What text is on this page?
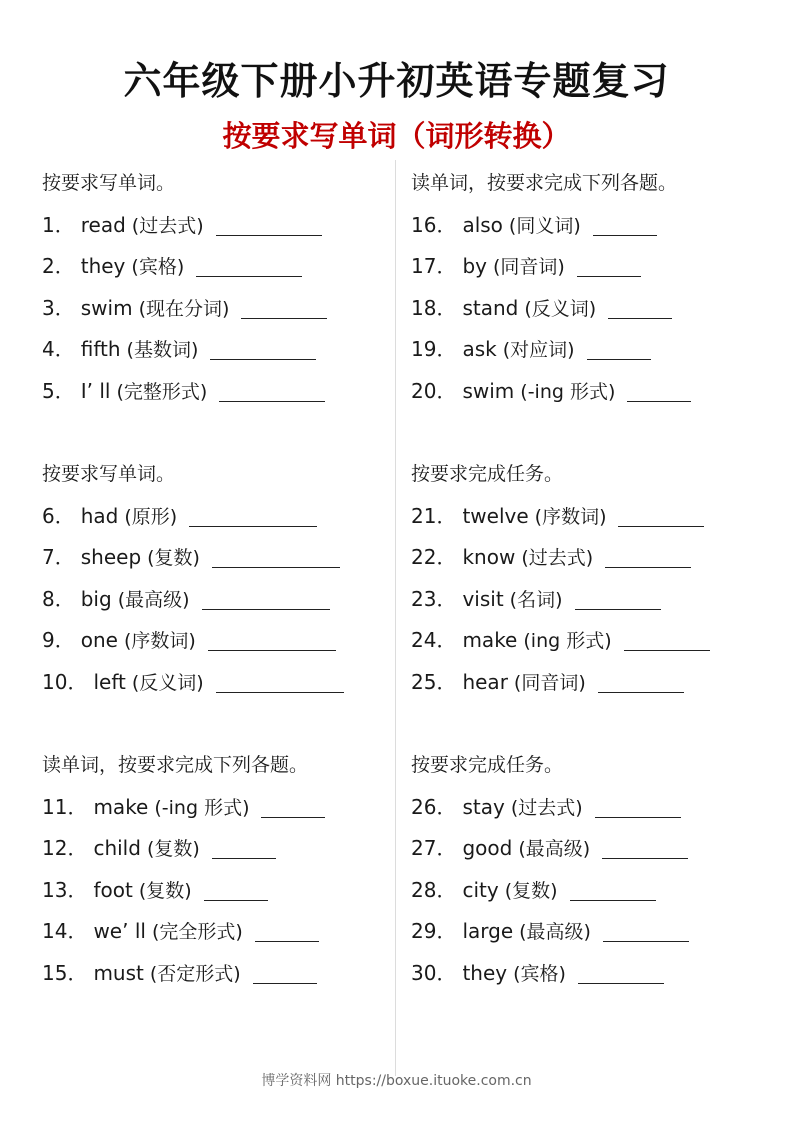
六年级下册小升初英语专题复习
按要求写单词（词形转换）
按要求写单词。
1． read (过去式)
2． they (宾格)
3． swim (现在分词)
4． fifth (基数词)
5． I’ ll (完整形式)
读单词，按要求完成下列各题。
16． also (同义词)
17． by (同音词)
18． stand (反义词)
19． ask (对应词)
20． swim (-ing 形式)
按要求写单词。
6． had (原形)
7． sheep (复数)
8． big (最高级)
9． one (序数词)
10． left (反义词)
按要求完成任务。
21． twelve (序数词)
22． know (过去式)
23． visit (名词)
24． make (ing 形式)
25． hear (同音词)
读单词，按要求完成下列各题。
11． make (-ing 形式)
12． child (复数)
13． foot (复数)
14． we’ ll (完全形式)
15． must (否定形式)
按要求完成任务。
26． stay (过去式)
27． good (最高级)
28． city (复数)
29． large (最高级)
30． they (宾格)
博学资料网 https://boxue.ituoke.com.cn
